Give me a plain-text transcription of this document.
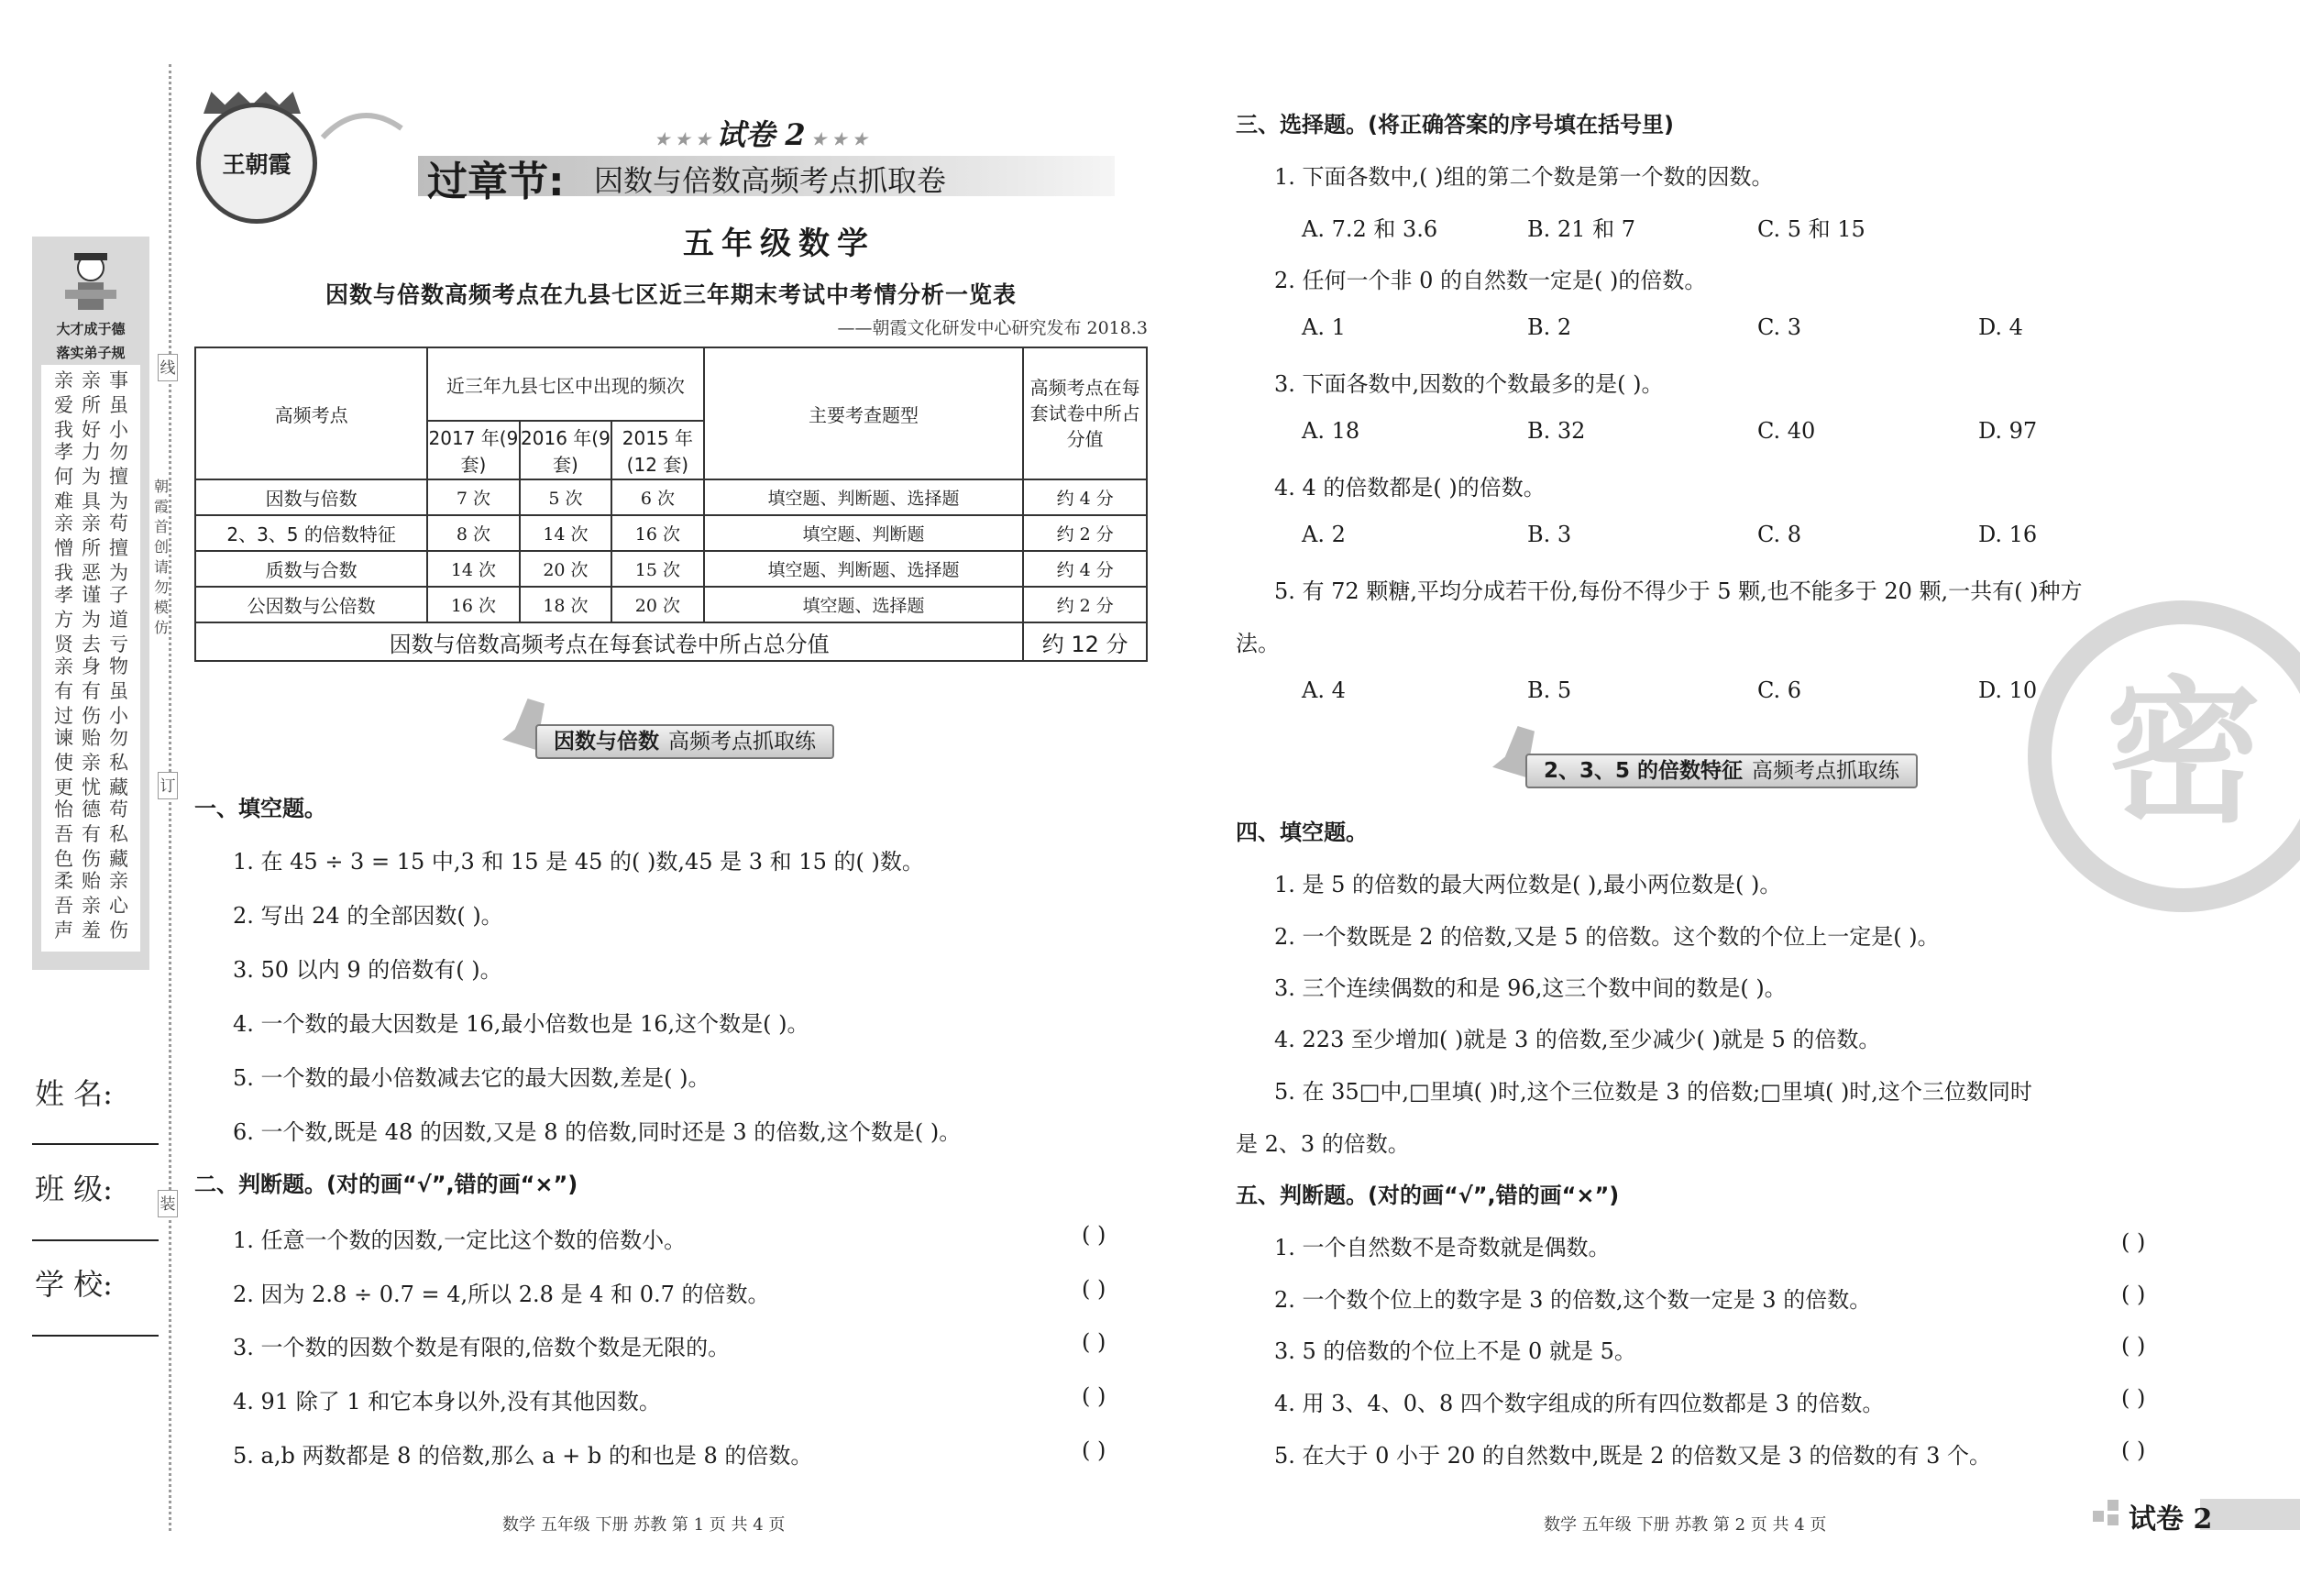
大才成于德
落实弟子规
亲爱我
亲所好
事虽小
孝何难
力为具
勿擅为
亲憎我
亲所恶
苟擅为
孝方贤
谨为去
子道亏
亲有过
身有伤
物虽小
谏使更
贻亲忧
勿私藏
怡吾色
德有伤
苟私藏
柔吾声
贻亲羞
亲心伤
线
订
装
朝霞首创请勿模仿
姓 名:
班 级:
学 校:
王朝霞
★ ★ ★ 试卷 2 ★ ★ ★
过章节: 因数与倍数高频考点抓取卷
五年级数学
因数与倍数高频考点在九县七区近三年期末考试中考情分析一览表
——朝霞文化研发中心研究发布 2018.3
高频考点	近三年九县七区中出现的频次			主要考查题型	高频考点在每套试卷中所占分值
	2017 年(9 套)	2016 年(9 套)	2015 年(12 套)		
因数与倍数	7 次	5 次	6 次	填空题、判断题、选择题	约 4 分
2、3、5 的倍数特征	8 次	14 次	16 次	填空题、判断题	约 2 分
质数与合数	14 次	20 次	15 次	填空题、判断题、选择题	约 4 分
公因数与公倍数	16 次	18 次	20 次	填空题、选择题	约 2 分
因数与倍数高频考点在每套试卷中所占总分值					约 12 分
因数与倍数 高频考点抓取练
一、填空题。
1. 在 45 ÷ 3 = 15 中,3 和 15 是 45 的( )数,45 是 3 和 15 的( )数。
2. 写出 24 的全部因数( )。
3. 50 以内 9 的倍数有( )。
4. 一个数的最大因数是 16,最小倍数也是 16,这个数是( )。
5. 一个数的最小倍数减去它的最大因数,差是( )。
6. 一个数,既是 48 的因数,又是 8 的倍数,同时还是 3 的倍数,这个数是( )。
二、判断题。(对的画“√”,错的画“×”)
1. 任意一个数的因数,一定比这个数的倍数小。	( )
2. 因为 2.8 ÷ 0.7 = 4,所以 2.8 是 4 和 0.7 的倍数。	( )
3. 一个数的因数个数是有限的,倍数个数是无限的。	( )
4. 91 除了 1 和它本身以外,没有其他因数。	( )
5. a,b 两数都是 8 的倍数,那么 a + b 的和也是 8 的倍数。	( )
数学 五年级 下册 苏教 第 1 页 共 4 页
密
三、选择题。(将正确答案的序号填在括号里)
1. 下面各数中,( )组的第二个数是第一个数的因数。
A. 7.2 和 3.6	B. 21 和 7	C. 5 和 15
2. 任何一个非 0 的自然数一定是( )的倍数。
A. 1	B. 2	C. 3	D. 4
3. 下面各数中,因数的个数最多的是( )。
A. 18	B. 32	C. 40	D. 97
4. 4 的倍数都是( )的倍数。
A. 2	B. 3	C. 8	D. 16
5. 有 72 颗糖,平均分成若干份,每份不得少于 5 颗,也不能多于 20 颗,一共有( )种方
法。
A. 4	B. 5	C. 6	D. 10
2、3、5 的倍数特征 高频考点抓取练
四、填空题。
1. 是 5 的倍数的最大两位数是( ),最小两位数是( )。
2. 一个数既是 2 的倍数,又是 5 的倍数。这个数的个位上一定是( )。
3. 三个连续偶数的和是 96,这三个数中间的数是( )。
4. 223 至少增加( )就是 3 的倍数,至少减少( )就是 5 的倍数。
5. 在 35□中,□里填( )时,这个三位数是 3 的倍数;□里填( )时,这个三位数同时
是 2、3 的倍数。
五、判断题。(对的画“√”,错的画“×”)
1. 一个自然数不是奇数就是偶数。	( )
2. 一个数个位上的数字是 3 的倍数,这个数一定是 3 的倍数。	( )
3. 5 的倍数的个位上不是 0 就是 5。	( )
4. 用 3、4、0、8 四个数字组成的所有四位数都是 3 的倍数。	( )
5. 在大于 0 小于 20 的自然数中,既是 2 的倍数又是 3 的倍数的有 3 个。	( )
数学 五年级 下册 苏教 第 2 页 共 4 页	试卷 2
